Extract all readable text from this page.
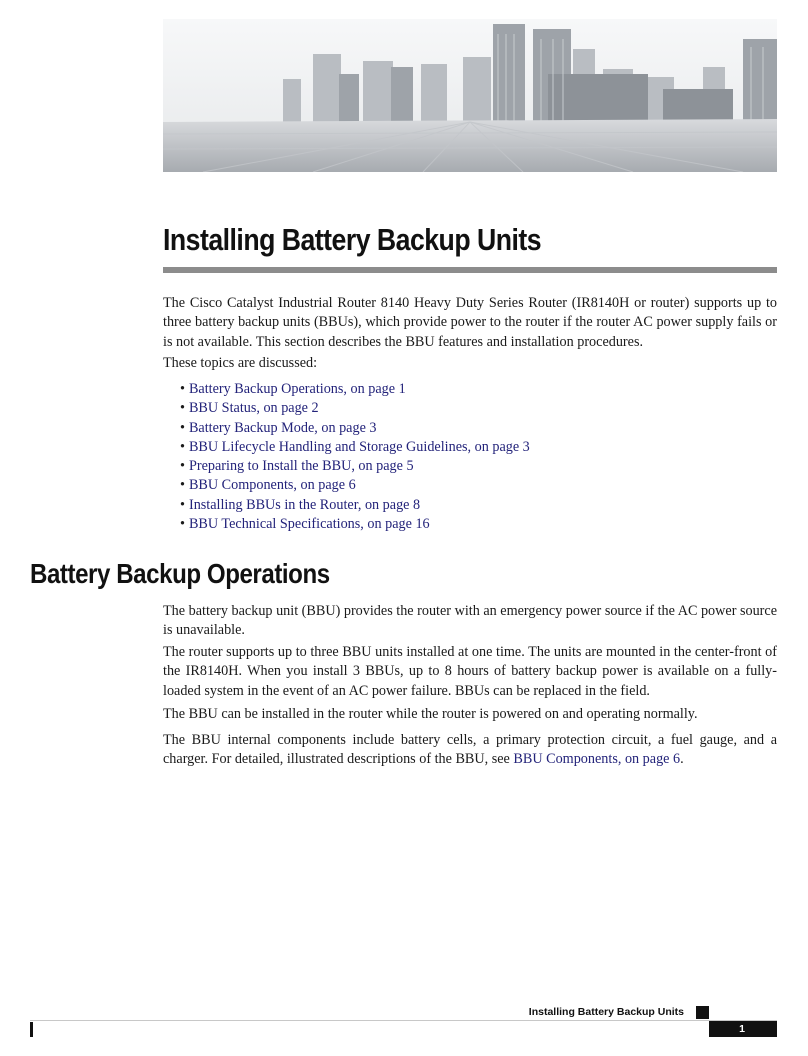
Installing Battery Backup Units

The Cisco Catalyst Industrial Router 8140 Heavy Duty Series Router (IR8140H or router) supports up to three battery backup units (BBUs), which provide power to the router if the router AC power supply fails or is not available. This section describes the BBU features and installation procedures.

These topics are discussed:

• Battery Backup Operations, on page 1
• BBU Status, on page 2
• Battery Backup Mode, on page 3
• BBU Lifecycle Handling and Storage Guidelines, on page 3
• Preparing to Install the BBU, on page 5
• BBU Components, on page 6
• Installing BBUs in the Router, on page 8
• BBU Technical Specifications, on page 16
Battery Backup Operations

The battery backup unit (BBU) provides the router with an emergency power source if the AC power source is unavailable.

The router supports up to three BBU units installed at one time. The units are mounted in the center-front of the IR8140H. When you install 3 BBUs, up to 8 hours of battery backup power is available on a fully-loaded system in the event of an AC power failure. BBUs can be replaced in the field.

The BBU can be installed in the router while the router is powered on and operating normally.

The BBU internal components include battery cells, a primary protection circuit, a fuel gauge, and a charger. For detailed, illustrated descriptions of the BBU, see BBU Components, on page 6.

Installing Battery Backup Units
1
